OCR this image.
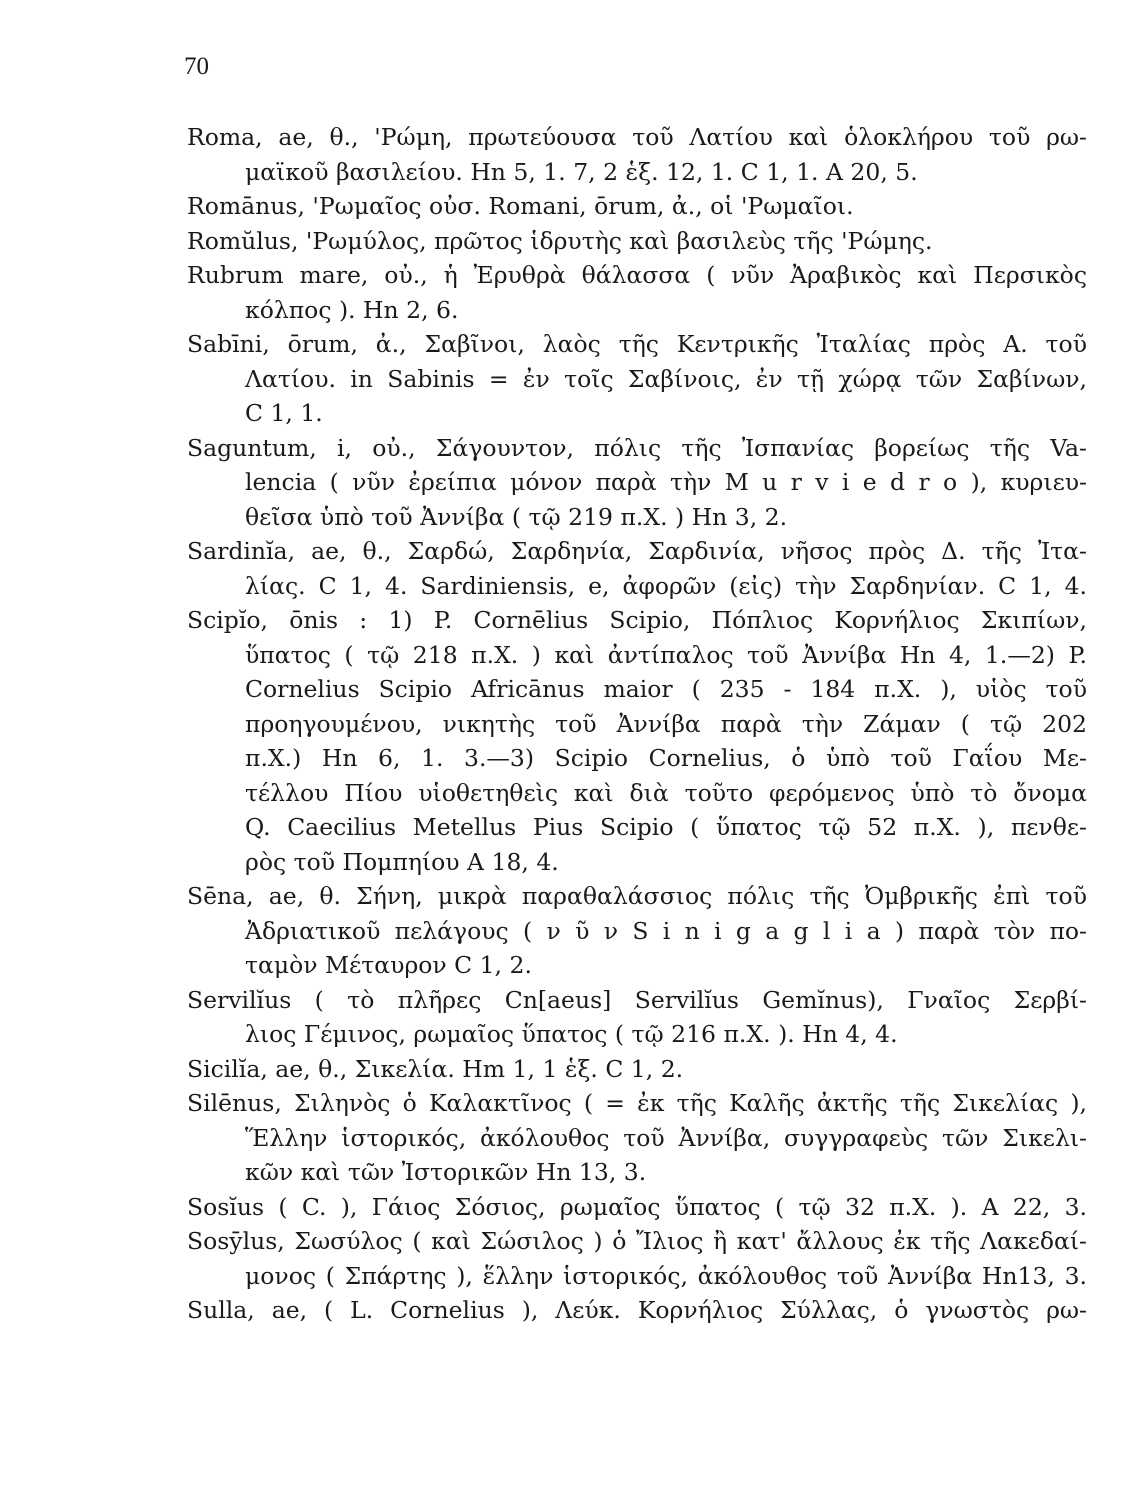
70
Roma, ae, θ., 'Ρώμη, πρωτεύουσα τοῦ Λατίου καὶ ὁλοκλήρου τοῦ ρω-
μαϊκοῦ βασιλείου. Hn 5, 1. 7, 2 ἑξ. 12, 1. C 1, 1. A 20, 5.
Romānus, 'Ρωμαῖος οὐσ. Romani, ōrum, ἀ., οἱ 'Ρωμαῖοι.
Romŭlus, 'Ρωμύλος, πρῶτος ἱδρυτὴς καὶ βασιλεὺς τῆς 'Ρώμης.
Rubrum mare, οὐ., ἡ Ἐρυθρὰ θάλασσα ( νῦν Ἀραβικὸς καὶ Περσικὸς
κόλπος ). Hn 2, 6.
Sabīni, ōrum, ἀ., Σαβῖνοι, λαὸς τῆς Κεντρικῆς Ἰταλίας πρὸς Α. τοῦ
Λατίου. in Sabinis = ἐν τοῖς Σαβίνοις, ἐν τῇ χώρᾳ τῶν Σαβίνων,
C 1, 1.
Saguntum, i, οὐ., Σάγουντον, πόλις τῆς Ἰσπανίας βορείως τῆς Va-
lencia ( νῦν ἐρείπια μόνον παρὰ τὴν M u r v i e d r o ), κυριευ-
θεῖσα ὑπὸ τοῦ Ἀννίβα ( τῷ 219 π.Χ. ) Hn 3, 2.
Sardinĭa, ae, θ., Σαρδώ, Σαρδηνία, Σαρδινία, νῆσος πρὸς Δ. τῆς Ἰτα-
λίας. C 1, 4. Sardiniensis, e, ἀφορῶν (εἰς) τὴν Σαρδηνίαν. C 1, 4.
Scipĭo, ōnis : 1) P. Cornēlius Scipio, Πόπλιος Κορνήλιος Σκιπίων,
ὕπατος ( τῷ 218 π.Χ. ) καὶ ἀντίπαλος τοῦ Ἀννίβα Hn 4, 1.—2) P.
Cornelius Scipio Africānus maior ( 235 - 184 π.Χ. ), υἱὸς τοῦ
προηγουμένου, νικητὴς τοῦ Ἀννίβα παρὰ τὴν Ζάμαν ( τῷ 202
π.Χ.) Hn 6, 1. 3.—3) Scipio Cornelius, ὁ ὑπὸ τοῦ Γαΐου Με-
τέλλου Πίου υἱοθετηθεὶς καὶ διὰ τοῦτο φερόμενος ὑπὸ τὸ ὄνομα
Q. Caecilius Metellus Pius Scipio ( ὕπατος τῷ 52 π.Χ. ), πενθε-
ρὸς τοῦ Πομπηίου A 18, 4.
Sēna, ae, θ. Σήνη, μικρὰ παραθαλάσσιος πόλις τῆς Ὀμβρικῆς ἐπὶ τοῦ
Ἀδριατικοῦ πελάγους ( ν ῦ ν S i n i g a g l i a ) παρὰ τὸν πο-
ταμὸν Μέταυρον C 1, 2.
Servilĭus ( τὸ πλῆρες Cn[aeus] Servilĭus Gemĭnus), Γναῖος Σερβί-
λιος Γέμινος, ρωμαῖος ὕπατος ( τῷ 216 π.Χ. ). Hn 4, 4.
Sicilĭa, ae, θ., Σικελία. Hm 1, 1 ἑξ. C 1, 2.
Silēnus, Σιληνὸς ὁ Καλακτῖνος ( = ἐκ τῆς Καλῆς ἀκτῆς τῆς Σικελίας ),
Ἕλλην ἱστορικός, ἀκόλουθος τοῦ Ἀννίβα, συγγραφεὺς τῶν Σικελι-
κῶν καὶ τῶν Ἰστορικῶν Hn 13, 3.
Sosĭus ( C. ), Γάιος Σόσιος, ρωμαῖος ὕπατος ( τῷ 32 π.Χ. ). A 22, 3.
Sosȳlus, Σωσύλος ( καὶ Σώσιλος ) ὁ Ἴλιος ἢ κατ' ἄλλους ἐκ τῆς Λακεδαί-
μονος ( Σπάρτης ), ἕλλην ἱστορικός, ἀκόλουθος τοῦ Ἀννίβα Hn13, 3.
Sulla, ae, ( L. Cornelius ), Λεύκ. Κορνήλιος Σύλλας, ὁ γνωστὸς ρω-
